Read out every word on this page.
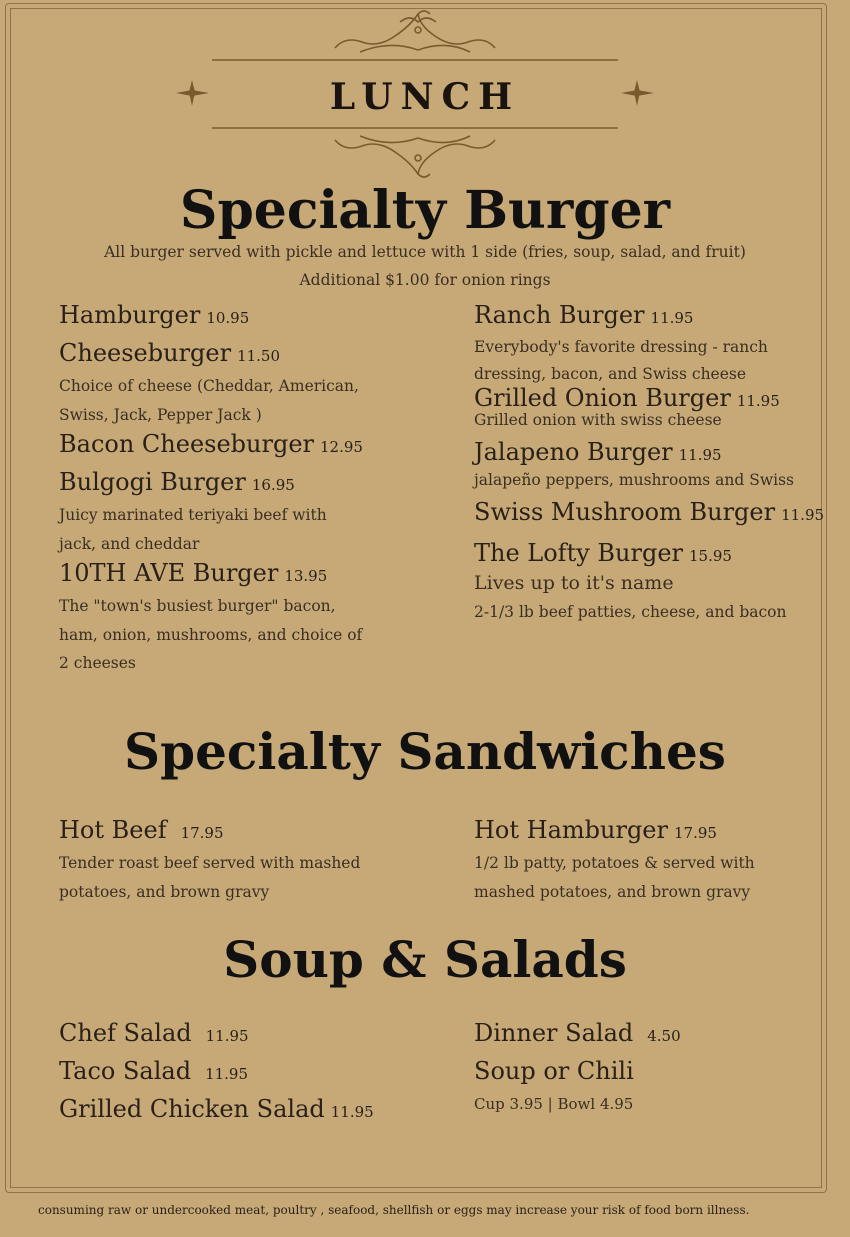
LUNCH
Specialty Burger
All burger served with pickle and lettuce with 1 side (fries, soup, salad, and fruit)
Additional $1.00 for onion rings
Hamburger 10.95
Cheeseburger 11.50
Choice of cheese (Cheddar, American,
Swiss, Jack, Pepper Jack )
Bacon Cheeseburger 12.95
Bulgogi Burger 16.95
Juicy marinated teriyaki beef with
jack, and cheddar
10TH AVE Burger 13.95
The "town's busiest burger" bacon,
ham, onion, mushrooms, and choice of
2 cheeses
Ranch Burger 11.95
Everybody's favorite dressing - ranch
dressing, bacon, and Swiss cheese
Grilled Onion Burger 11.95
Grilled onion with swiss cheese
Jalapeno Burger 11.95
jalapeño peppers, mushrooms and Swiss
Swiss Mushroom Burger 11.95
The Lofty Burger 15.95
Lives up to it's name
2-1/3 lb beef patties, cheese, and bacon
Specialty Sandwiches
Hot Beef 17.95
Tender roast beef served with mashed
potatoes, and brown gravy
Hot Hamburger 17.95
1/2 lb patty, potatoes & served with
mashed potatoes, and brown gravy
Soup & Salads
Chef Salad 11.95
Taco Salad 11.95
Grilled Chicken Salad 11.95
Dinner Salad 4.50
Soup or Chili
Cup 3.95 | Bowl 4.95
consuming raw or undercooked meat, poultry , seafood, shellfish or eggs may increase your risk of food born illness.
